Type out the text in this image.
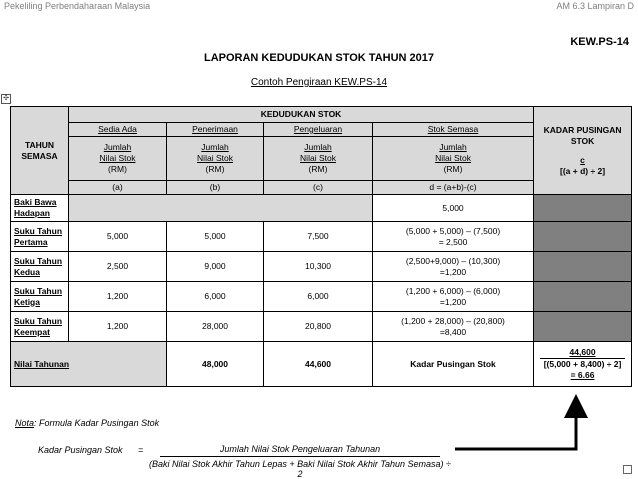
Pekeliling Perbendaharaan Malaysia	AM 6.3 Lampiran D
KEW.PS-14
LAPORAN KEDUDUKAN STOK TAHUN 2017
Contoh Pengiraan KEW.PS-14
✣
TAHUN SEMASA	KEDUDUKAN STOK				KADAR PUSINGAN STOK
c
[(a + d) ÷ 2]

	Sedia Ada	Penerimaan	Pengeluaran	Stok Semasa	

	Jumlah
Nilai Stok
(RM)	Jumlah
Nilai Stok
(RM)	Jumlah
Nilai Stok
(RM)	Jumlah
Nilai Stok
(RM)	

	(a)	(b)	(c)	d = (a+b)-(c)	
Baki Bawa Hadapan				5,000	
Suku Tahun Pertama	5,000	5,000	7,500	(5,000 + 5,000) – (7,500)
= 2,500	

Suku Tahun Kedua	2,500	9,000	10,300	(2,500+9,000) – (10,300)
=1,200	

Suku Tahun Ketiga	1,200	6,000	6,000	(1,200 + 6,000) – (6,000)
=1,200	

Suku Tahun Keempat	1,200	28,000	20,800	(1,200 + 28,000) – (20,800)
=8,400	

Nilai Tahunan		48,000	44,600	Kadar Pusingan Stok	44,600
[(5,000 + 8,400) ÷ 2]
= 6.66
Nota: Formula Kadar Pusingan Stok
Kadar Pusingan Stok =	Jumlah Nilai Stok Pengeluaran Tahunan
(Baki Nilai Stok Akhir Tahun Lepas + Baki Nilai Stok Akhir Tahun Semasa) ÷ 2
